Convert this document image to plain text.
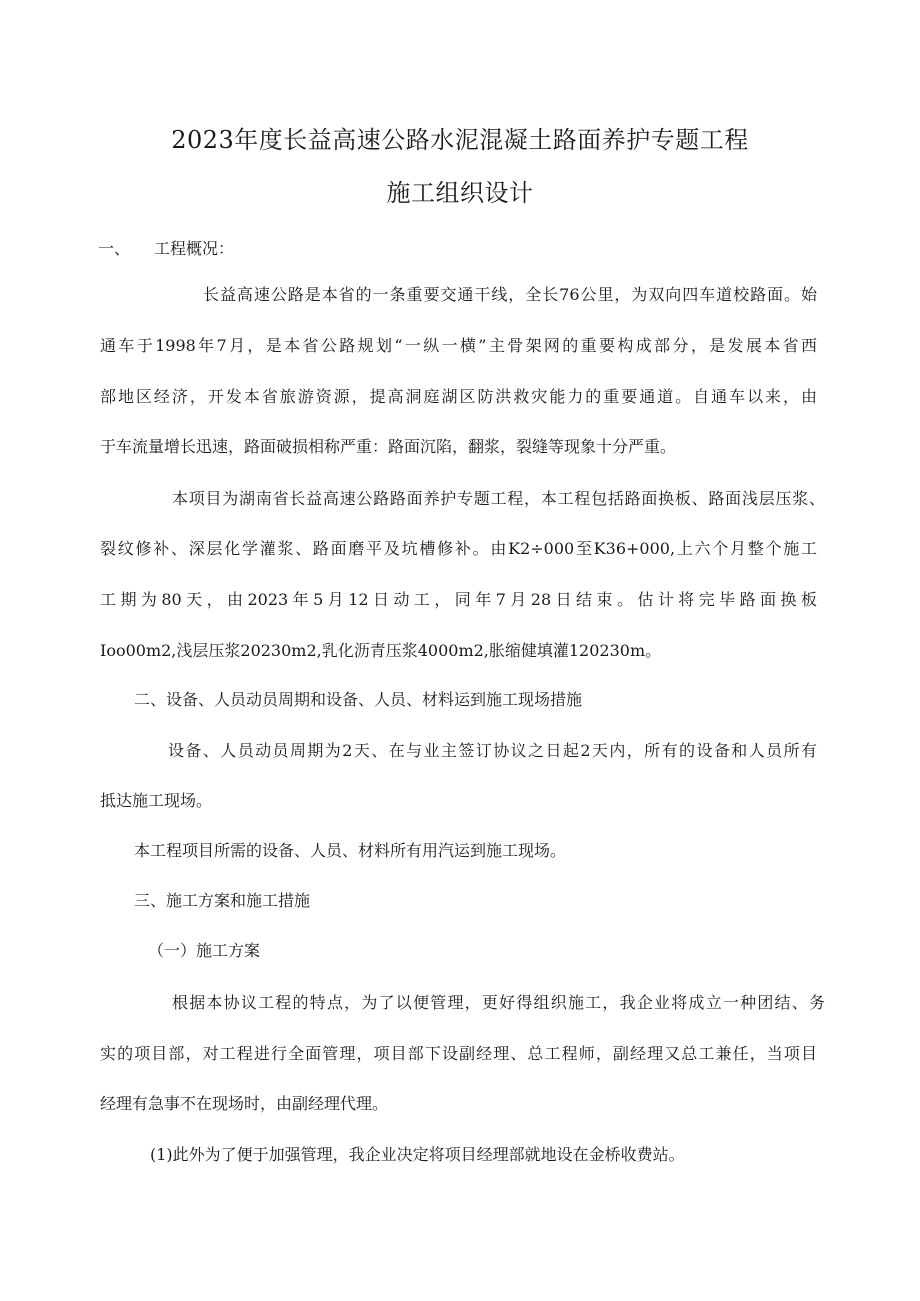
2023年度长益高速公路水泥混凝土路面养护专题工程
施工组织设计
一、 工程概况：
长益高速公路是本省的一条重要交通干线，全长76公里，为双向四车道校路面。始
通车于1998年7月，是本省公路规划“一纵一横”主骨架网的重要构成部分，是发展本省西
部地区经济，开发本省旅游资源，提高洞庭湖区防洪救灾能力的重要通道。自通车以来，由
于车流量增长迅速，路面破损相称严重：路面沉陷，翻浆，裂缝等现象十分严重。
本项目为湖南省长益高速公路路面养护专题工程，本工程包括路面换板、路面浅层压浆、
裂纹修补、深层化学灌浆、路面磨平及坑槽修补。由K2÷000至K36+000,上六个月整个施工
工期为80天，由2023年5月12日动工，同年7月28日结束。估计将完毕路面换板
Ioo00m2,浅层压浆20230m2,乳化沥青压浆4000m2,胀缩健填灌120230m。
二、设备、人员动员周期和设备、人员、材料运到施工现场措施
设备、人员动员周期为2天、在与业主签订协议之日起2天内，所有的设备和人员所有
抵达施工现场。
本工程项目所需的设备、人员、材料所有用汽运到施工现场。
三、施工方案和施工措施
（一）施工方案
根据本协议工程的特点，为了以便管理，更好得组织施工，我企业将成立一种团结、务
实的项目部，对工程进行全面管理，项目部下设副经理、总工程师，副经理又总工兼任，当项目
经理有急事不在现场时，由副经理代理。
(1)此外为了便于加强管理，我企业决定将项目经理部就地设在金桥收费站。
